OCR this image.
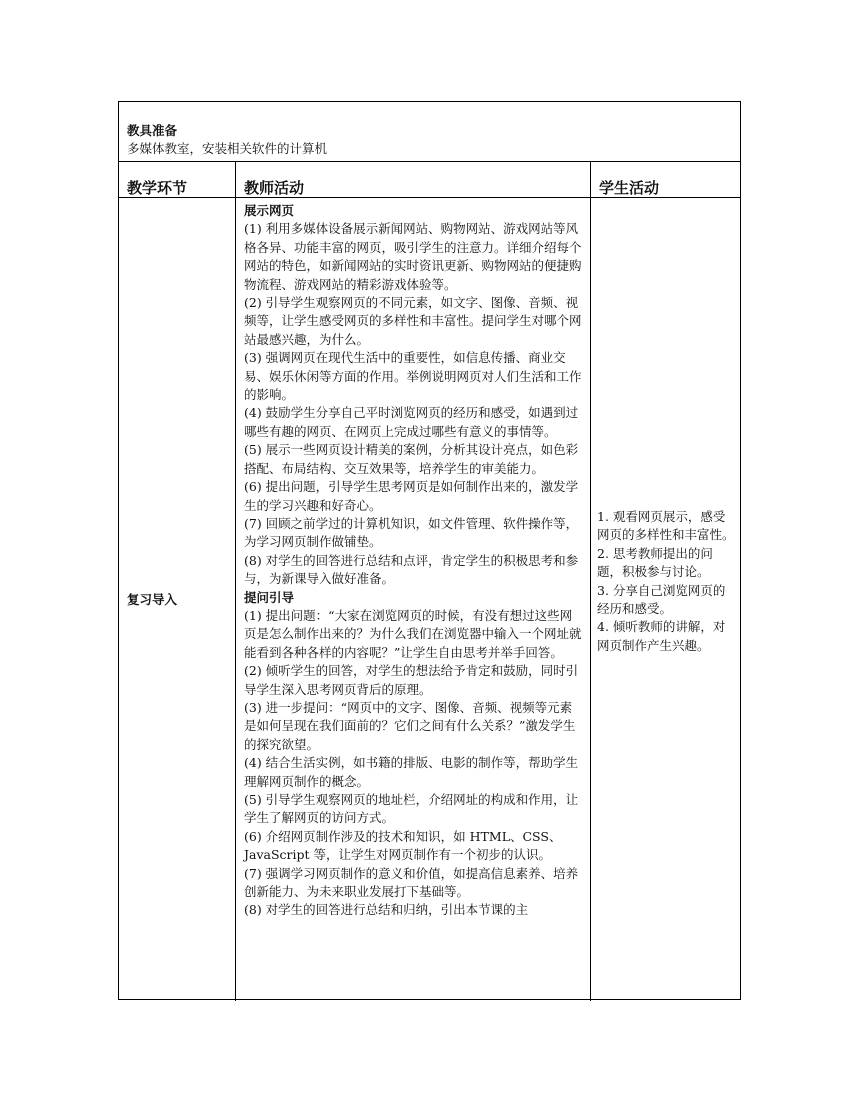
教具准备
多媒体教室，安装相关软件的计算机
教学环节	教师活动	学生活动
复习导入
展示网页

(1) 利用多媒体设备展示新闻网站、购物网站、游戏网站等风格各异、功能丰富的网页，吸引学生的注意力。详细介绍每个网站的特色，如新闻网站的实时资讯更新、购物网站的便捷购物流程、游戏网站的精彩游戏体验等。

(2) 引导学生观察网页的不同元素，如文字、图像、音频、视频等，让学生感受网页的多样性和丰富性。提问学生对哪个网站最感兴趣，为什么。

(3) 强调网页在现代生活中的重要性，如信息传播、商业交易、娱乐休闲等方面的作用。举例说明网页对人们生活和工作的影响。

(4) 鼓励学生分享自己平时浏览网页的经历和感受，如遇到过哪些有趣的网页、在网页上完成过哪些有意义的事情等。

(5) 展示一些网页设计精美的案例，分析其设计亮点，如色彩搭配、布局结构、交互效果等，培养学生的审美能力。

(6) 提出问题，引导学生思考网页是如何制作出来的，激发学生的学习兴趣和好奇心。

(7) 回顾之前学过的计算机知识，如文件管理、软件操作等，为学习网页制作做铺垫。

(8) 对学生的回答进行总结和点评，肯定学生的积极思考和参与，为新课导入做好准备。

提问引导

(1) 提出问题：“大家在浏览网页的时候，有没有想过这些网页是怎么制作出来的？为什么我们在浏览器中输入一个网址就能看到各种各样的内容呢？”让学生自由思考并举手回答。

(2) 倾听学生的回答，对学生的想法给予肯定和鼓励，同时引导学生深入思考网页背后的原理。

(3) 进一步提问：“网页中的文字、图像、音频、视频等元素是如何呈现在我们面前的？它们之间有什么关系？”激发学生的探究欲望。

(4) 结合生活实例，如书籍的排版、电影的制作等，帮助学生理解网页制作的概念。

(5) 引导学生观察网页的地址栏，介绍网址的构成和作用，让学生了解网页的访问方式。

(6) 介绍网页制作涉及的技术和知识，如 HTML、CSS、JavaScript 等，让学生对网页制作有一个初步的认识。

(7) 强调学习网页制作的意义和价值，如提高信息素养、培养创新能力、为未来职业发展打下基础等。

(8) 对学生的回答进行总结和归纳，引出本节课的主

1. 观看网页展示，感受网页的多样性和丰富性。

2. 思考教师提出的问题，积极参与讨论。

3. 分享自己浏览网页的经历和感受。

4. 倾听教师的讲解，对网页制作产生兴趣。
